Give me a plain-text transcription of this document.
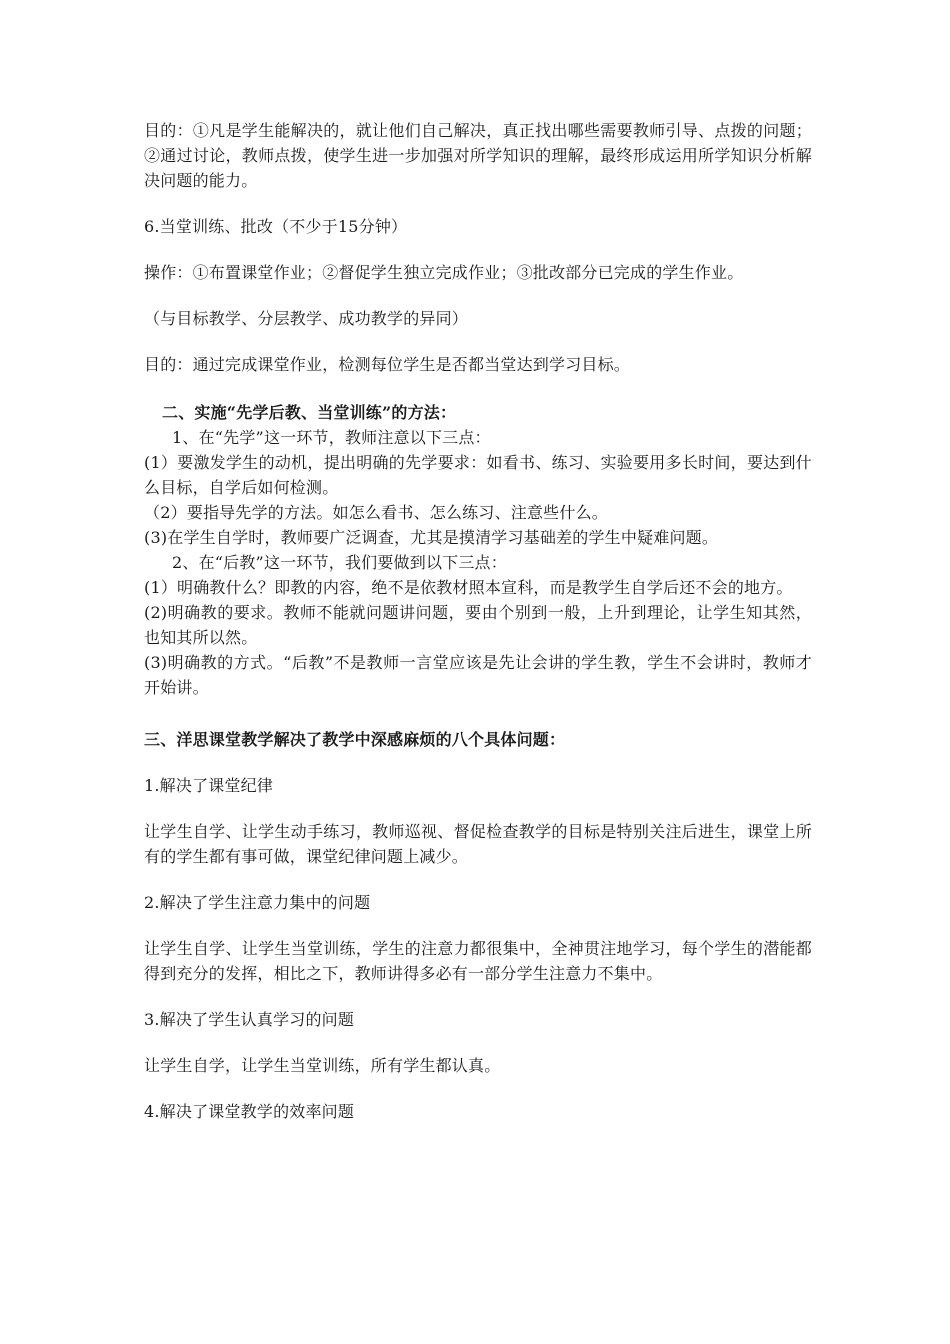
目的：①凡是学生能解决的，就让他们自己解决，真正找出哪些需要教师引导、点拨的问题；②通过讨论，教师点拨，使学生进一步加强对所学知识的理解，最终形成运用所学知识分析解决问题的能力。

6.当堂训练、批改（不少于15分钟）

操作：①布置课堂作业；②督促学生独立完成作业；③批改部分已完成的学生作业。

（与目标教学、分层教学、成功教学的异同）

目的：通过完成课堂作业，检测每位学生是否都当堂达到学习目标。

二、实施“先学后教、当堂训练”的方法：

1、在“先学”这一环节，教师注意以下三点：

(1）要激发学生的动机，提出明确的先学要求：如看书、练习、实验要用多长时间，要达到什么目标，自学后如何检测。

（2）要指导先学的方法。如怎么看书、怎么练习、注意些什么。

(3)在学生自学时，教师要广泛调查，尤其是摸清学习基础差的学生中疑难问题。

2、在“后教”这一环节，我们要做到以下三点：

(1）明确教什么？即教的内容，绝不是依教材照本宣科，而是教学生自学后还不会的地方。

(2)明确教的要求。教师不能就问题讲问题，要由个别到一般，上升到理论，让学生知其然，也知其所以然。

(3)明确教的方式。“后教”不是教师一言堂应该是先让会讲的学生教，学生不会讲时，教师才开始讲。

三、洋思课堂教学解决了教学中深感麻烦的八个具体问题：

1.解决了课堂纪律

让学生自学、让学生动手练习，教师巡视、督促检查教学的目标是特别关注后进生，课堂上所有的学生都有事可做，课堂纪律问题上减少。

2.解决了学生注意力集中的问题

让学生自学、让学生当堂训练，学生的注意力都很集中，全神贯注地学习，每个学生的潜能都得到充分的发挥，相比之下，教师讲得多必有一部分学生注意力不集中。

3.解决了学生认真学习的问题

让学生自学，让学生当堂训练，所有学生都认真。

4.解决了课堂教学的效率问题
